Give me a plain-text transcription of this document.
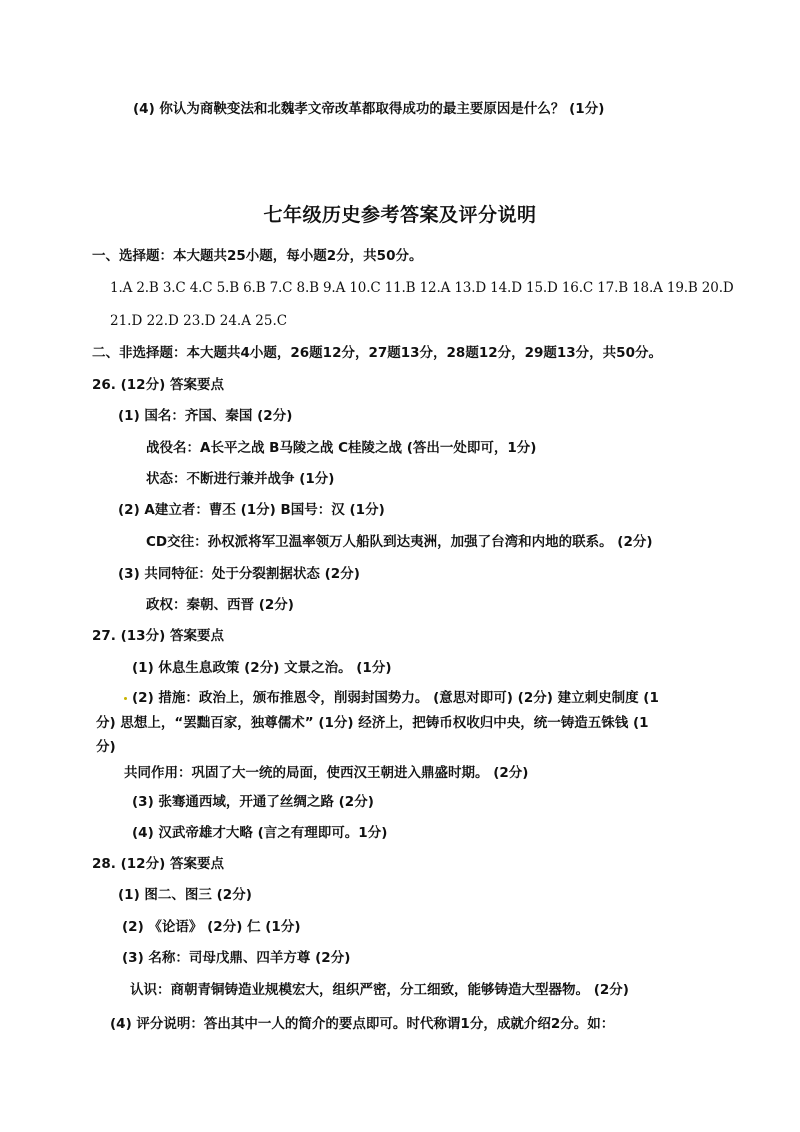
(4) 你认为商鞅变法和北魏孝文帝改革都取得成功的最主要原因是什么？ (1分)
七年级历史参考答案及评分说明
一、选择题：本大题共25小题，每小题2分，共50分。
1.A 2.B 3.C 4.C 5.B 6.B 7.C 8.B 9.A 10.C 11.B 12.A 13.D 14.D 15.D 16.C 17.B 18.A 19.B 20.D
21.D 22.D 23.D 24.A 25.C
二、非选择题：本大题共4小题，26题12分，27题13分，28题12分，29题13分，共50分。
26. (12分) 答案要点
(1) 国名：齐国、秦国 (2分)
战役名：A长平之战 B马陵之战 C桂陵之战 (答出一处即可，1分)
状态：不断进行兼并战争 (1分)
(2) A建立者：曹丕 (1分) B国号：汉 (1分)
CD交往：孙权派将军卫温率领万人船队到达夷洲，加强了台湾和内地的联系。 (2分)
(3) 共同特征：处于分裂割据状态 (2分)
政权：秦朝、西晋 (2分)
27. (13分) 答案要点
(1) 休息生息政策 (2分) 文景之治。 (1分)
(2) 措施：政治上，颁布推恩令，削弱封国势力。 (意思对即可) (2分) 建立刺史制度 (1
分) 思想上，“罢黜百家，独尊儒术” (1分) 经济上，把铸币权收归中央，统一铸造五铢钱 (1
分)
共同作用：巩固了大一统的局面，使西汉王朝进入鼎盛时期。 (2分)
(3) 张骞通西域，开通了丝绸之路 (2分)
(4) 汉武帝雄才大略 (言之有理即可。1分)
28. (12分) 答案要点
(1) 图二、图三 (2分)
(2) 《论语》 (2分) 仁 (1分)
(3) 名称：司母戊鼎、四羊方尊 (2分)
认识：商朝青铜铸造业规模宏大，组织严密，分工细致，能够铸造大型器物。 (2分)
(4) 评分说明：答出其中一人的简介的要点即可。时代称谓1分，成就介绍2分。如：
